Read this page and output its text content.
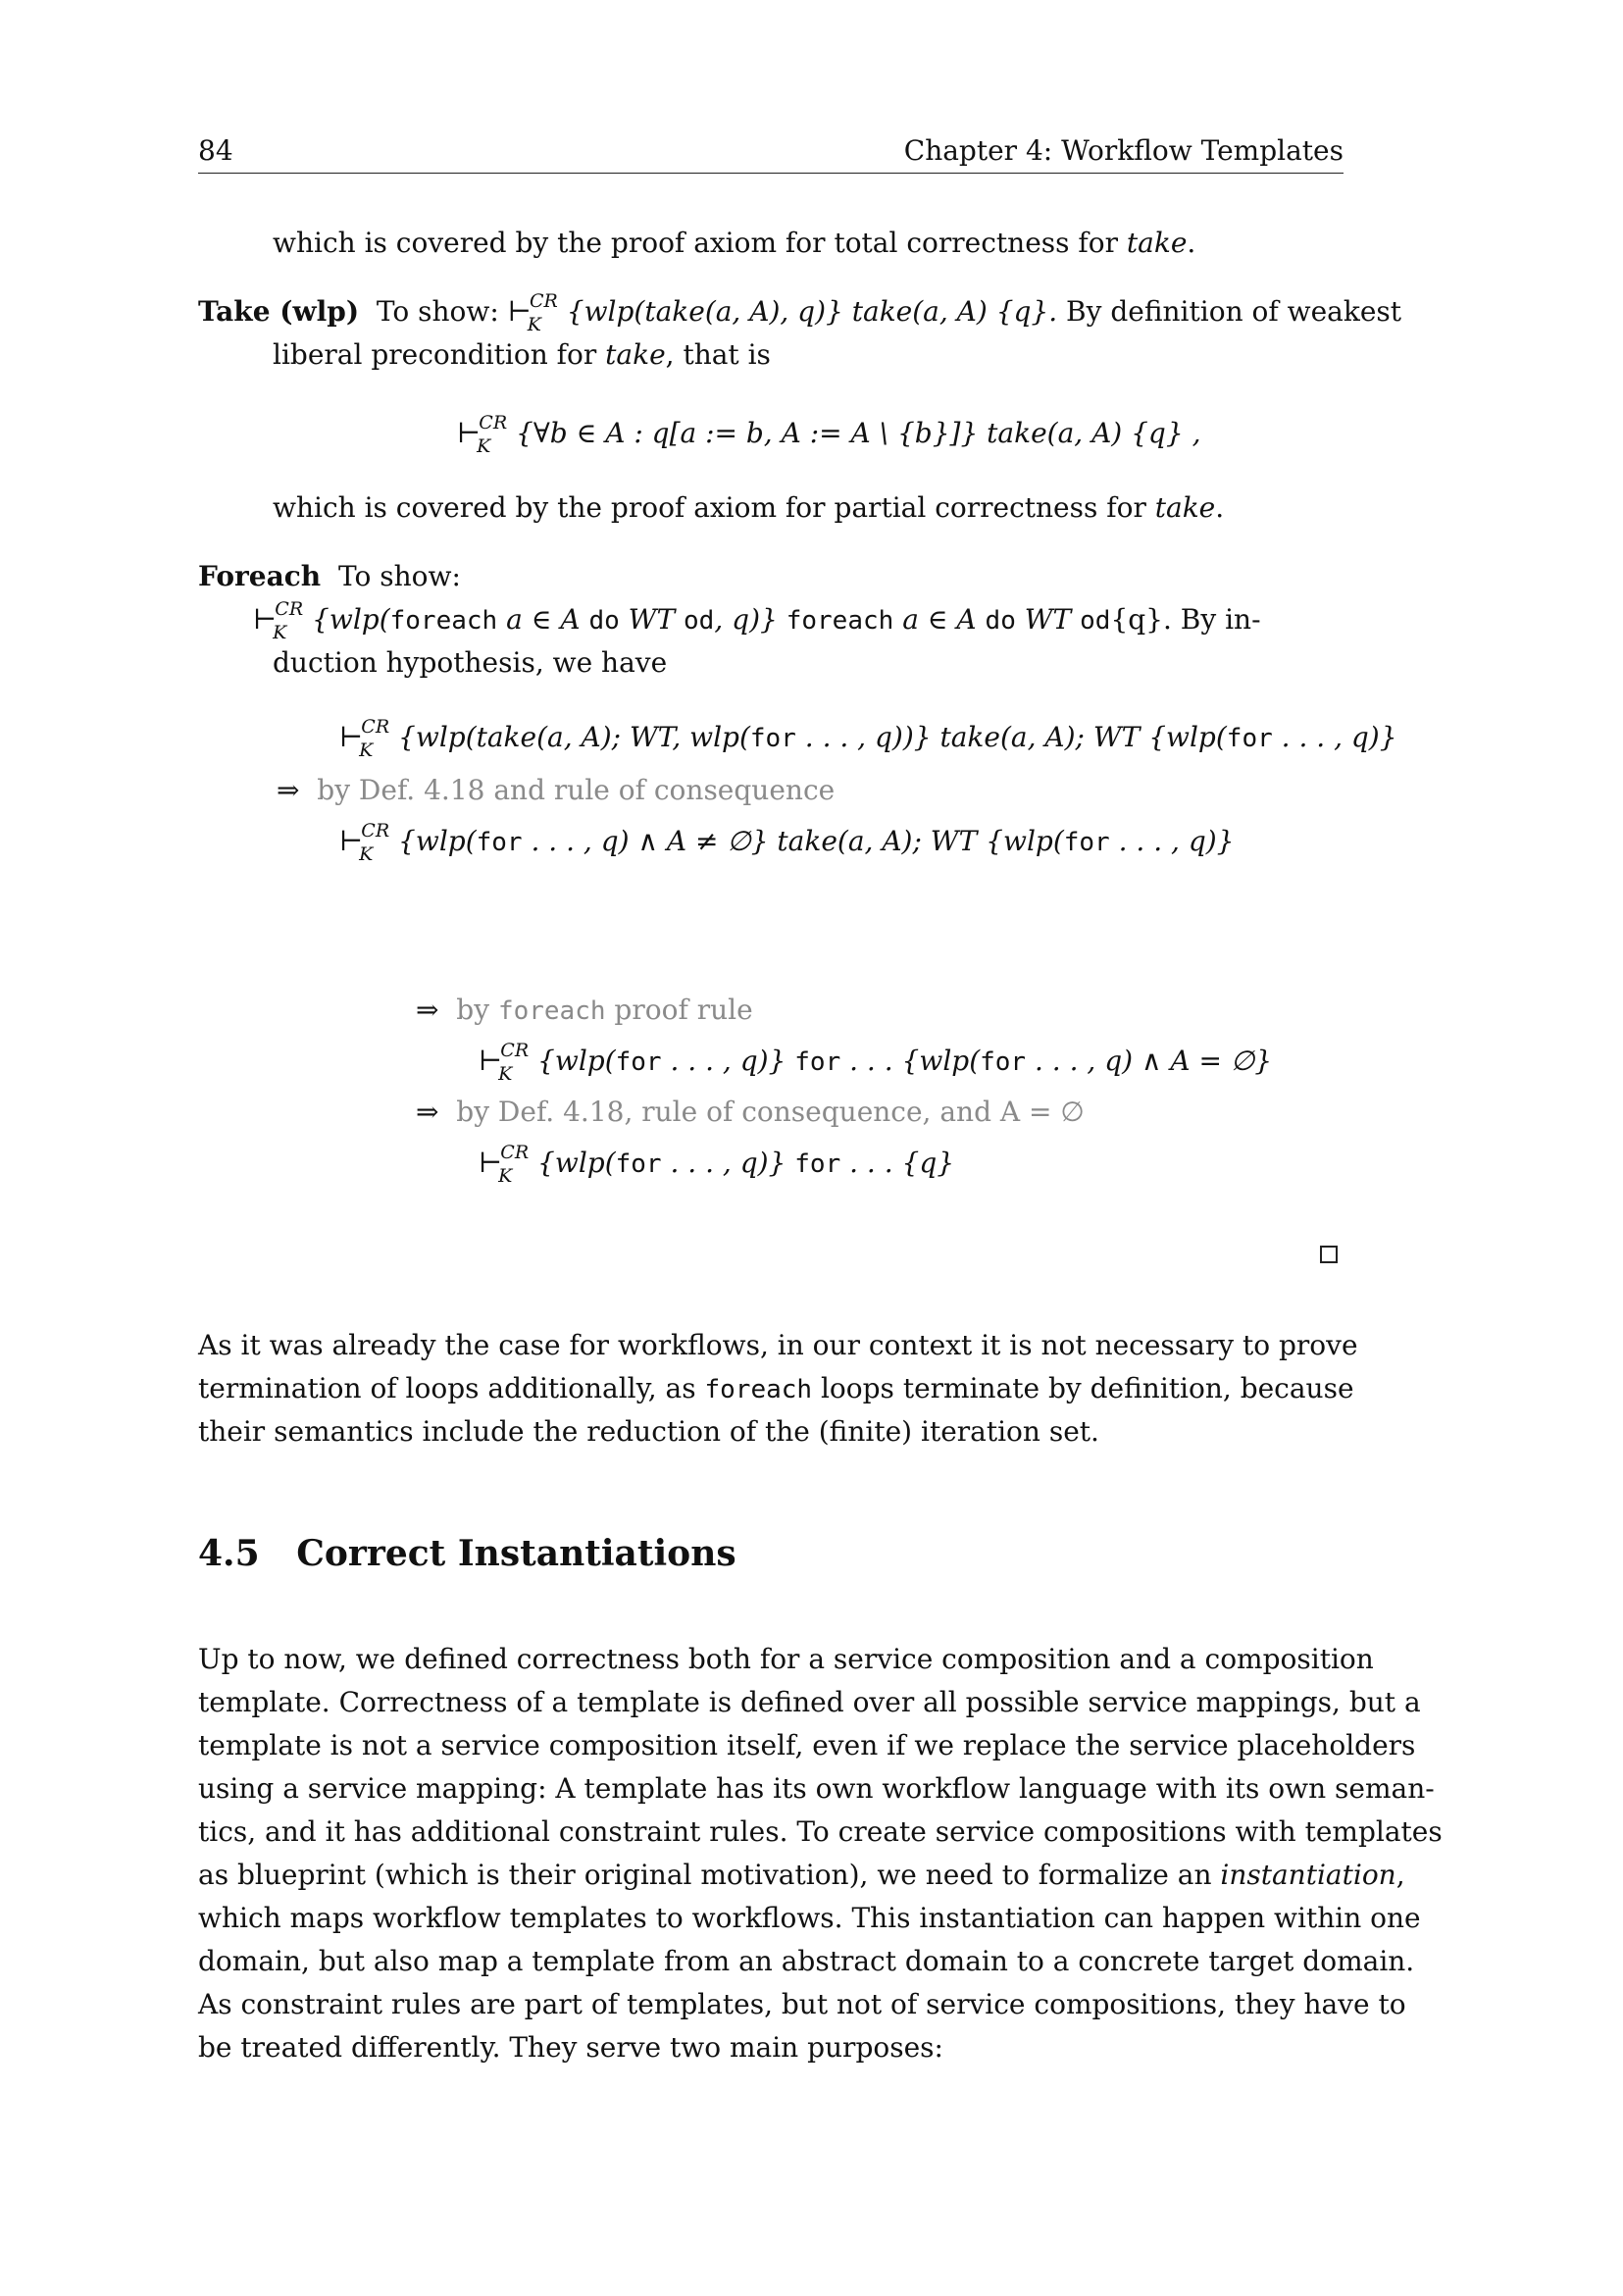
84	Chapter 4: Workflow Templates
which is covered by the proof axiom for total correctness for take.
Take (wlp) To show: $⊢_K^{CR}$ {wlp(take(a, A), q)} take(a, A) {q}. By definition of weakest
liberal precondition for take, that is
$⊢_K^{CR}$ {∀b ∈ A : q[a := b, A := A \ {b}]} take(a, A) {q} ,
which is covered by the proof axiom for partial correctness for take.
Foreach To show:
$⊢_K^{CR}$ {wlp(foreach a ∈ A do WT od, q)} foreach a ∈ A do WT od{q}. By in-
duction hypothesis, we have
$⊢_K^{CR}$ {wlp(take(a, A); WT, wlp(for . . . , q))} take(a, A); WT {wlp(for . . . , q)}
⇒ by Def. 4.18 and rule of consequence
$⊢_K^{CR}$ {wlp(for . . . , q) ∧ A ≠ ∅} take(a, A); WT {wlp(for . . . , q)}
⇒ by foreach proof rule
$⊢_K^{CR}$ {wlp(for . . . , q)} for . . . {wlp(for . . . , q) ∧ A = ∅}
⇒ by Def. 4.18, rule of consequence, and A = ∅
$⊢_K^{CR}$ {wlp(for . . . , q)} for . . . {q}
As it was already the case for workflows, in our context it is not necessary to prove
termination of loops additionally, as foreach loops terminate by definition, because
their semantics include the reduction of the (finite) iteration set.
4.5 Correct Instantiations
Up to now, we defined correctness both for a service composition and a composition
template. Correctness of a template is defined over all possible service mappings, but a
template is not a service composition itself, even if we replace the service placeholders
using a service mapping: A template has its own workflow language with its own seman-
tics, and it has additional constraint rules. To create service compositions with templates
as blueprint (which is their original motivation), we need to formalize an instantiation,
which maps workflow templates to workflows. This instantiation can happen within one
domain, but also map a template from an abstract domain to a concrete target domain.
As constraint rules are part of templates, but not of service compositions, they have to
be treated differently. They serve two main purposes:
